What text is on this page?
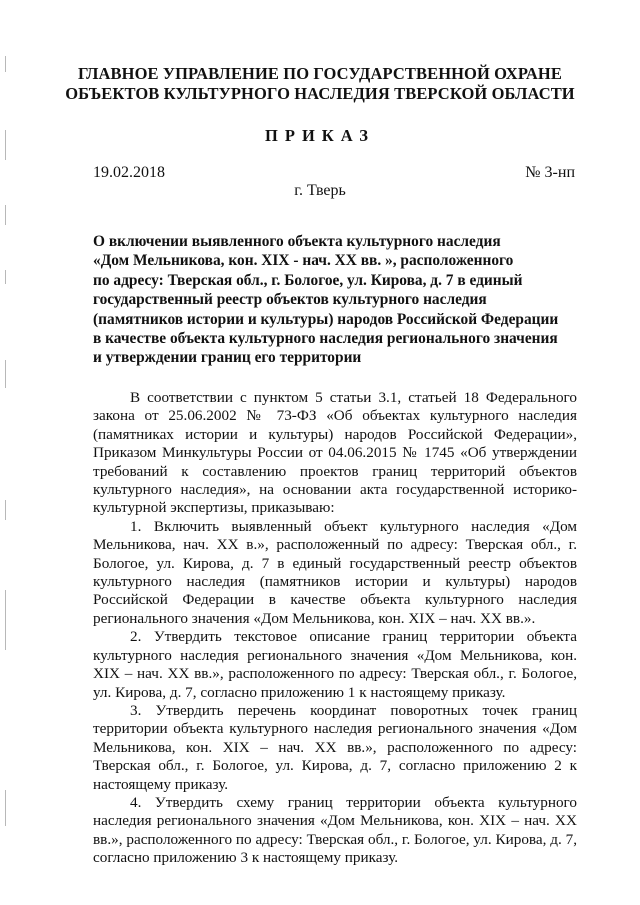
ГЛАВНОЕ УПРАВЛЕНИЕ ПО ГОСУДАРСТВЕННОЙ ОХРАНЕ
ОБЪЕКТОВ КУЛЬТУРНОГО НАСЛЕДИЯ ТВЕРСКОЙ ОБЛАСТИ
ПРИКАЗ
19.02.2018	№ 3-нп
г. Тверь
О включении выявленного объекта культурного наследия
«Дом Мельникова, кон. XIX - нач. XX вв. », расположенного
по адресу: Тверская обл., г. Бологое, ул. Кирова, д. 7 в единый
государственный реестр объектов культурного наследия
(памятников истории и культуры) народов Российской Федерации
в качестве объекта культурного наследия регионального значения
и утверждении границ его территории

В соответствии с пунктом 5 статьи 3.1, статьей 18 Федерального закона от 25.06.2002 № 73-ФЗ «Об объектах культурного наследия (памятниках истории и культуры) народов Российской Федерации», Приказом Минкультуры России от 04.06.2015 № 1745 «Об утверждении требований к составлению проектов границ территорий объектов культурного наследия», на основании акта государственной историко-культурной экспертизы, приказываю:

1. Включить выявленный объект культурного наследия «Дом Мельникова, нач. XX в.», расположенный по адресу: Тверская обл., г. Бологое, ул. Кирова, д. 7 в единый государственный реестр объектов культурного наследия (памятников истории и культуры) народов Российской Федерации в качестве объекта культурного наследия регионального значения «Дом Мельникова, кон. XIX – нач. XX вв.».

2. Утвердить текстовое описание границ территории объекта культурного наследия регионального значения «Дом Мельникова, кон. XIX – нач. XX вв.», расположенного по адресу: Тверская обл., г. Бологое, ул. Кирова, д. 7, согласно приложению 1 к настоящему приказу.

3. Утвердить перечень координат поворотных точек границ территории объекта культурного наследия регионального значения «Дом Мельникова, кон. XIX – нач. XX вв.», расположенного по адресу: Тверская обл., г. Бологое, ул. Кирова, д. 7, согласно приложению 2 к настоящему приказу.

4. Утвердить схему границ территории объекта культурного наследия регионального значения «Дом Мельникова, кон. XIX – нач. XX вв.», расположенного по адресу: Тверская обл., г. Бологое, ул. Кирова, д. 7, согласно приложению 3 к настоящему приказу.
